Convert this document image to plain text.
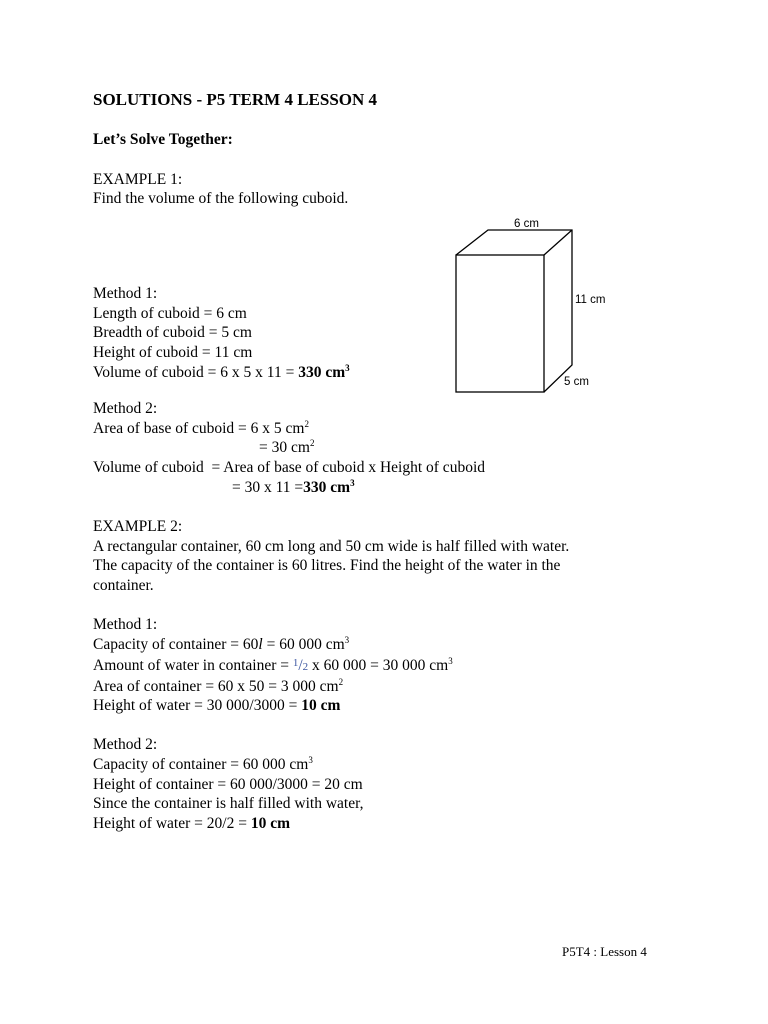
SOLUTIONS - P5 TERM 4 LESSON 4
Let’s Solve Together:
EXAMPLE 1:
Find the volume of the following cuboid.
6 cm
11 cm
5 cm
Method 1:
Length of cuboid = 6 cm
Breadth of cuboid = 5 cm
Height of cuboid = 11 cm
Volume of cuboid = 6 x 5 x 11 = 330 $cm^3$
Method 2:
Area of base of cuboid = 6 x 5 $cm^2$
= 30 $cm^2$
Volume of cuboid  = Area of base of cuboid x Height of cuboid
= 30 x 11 =330 $cm^3$
EXAMPLE 2:
A rectangular container, 60 cm long and 50 cm wide is half filled with water.
The capacity of the container is 60 litres. Find the height of the water in the
container.
Method 1:
Capacity of container = 60l = 60 000 $cm^3$
Amount of water in container = $^1$/2 x 60 000 = 30 000 $cm^3$
Area of container = 60 x 50 = 3 000 $cm^2$
Height of water = 30 000/3000 = 10 cm
Method 2:
Capacity of container = 60 000 $cm^3$
Height of container = 60 000/3000 = 20 cm
Since the container is half filled with water,
Height of water = 20/2 = 10 cm
P5T4 : Lesson 4
